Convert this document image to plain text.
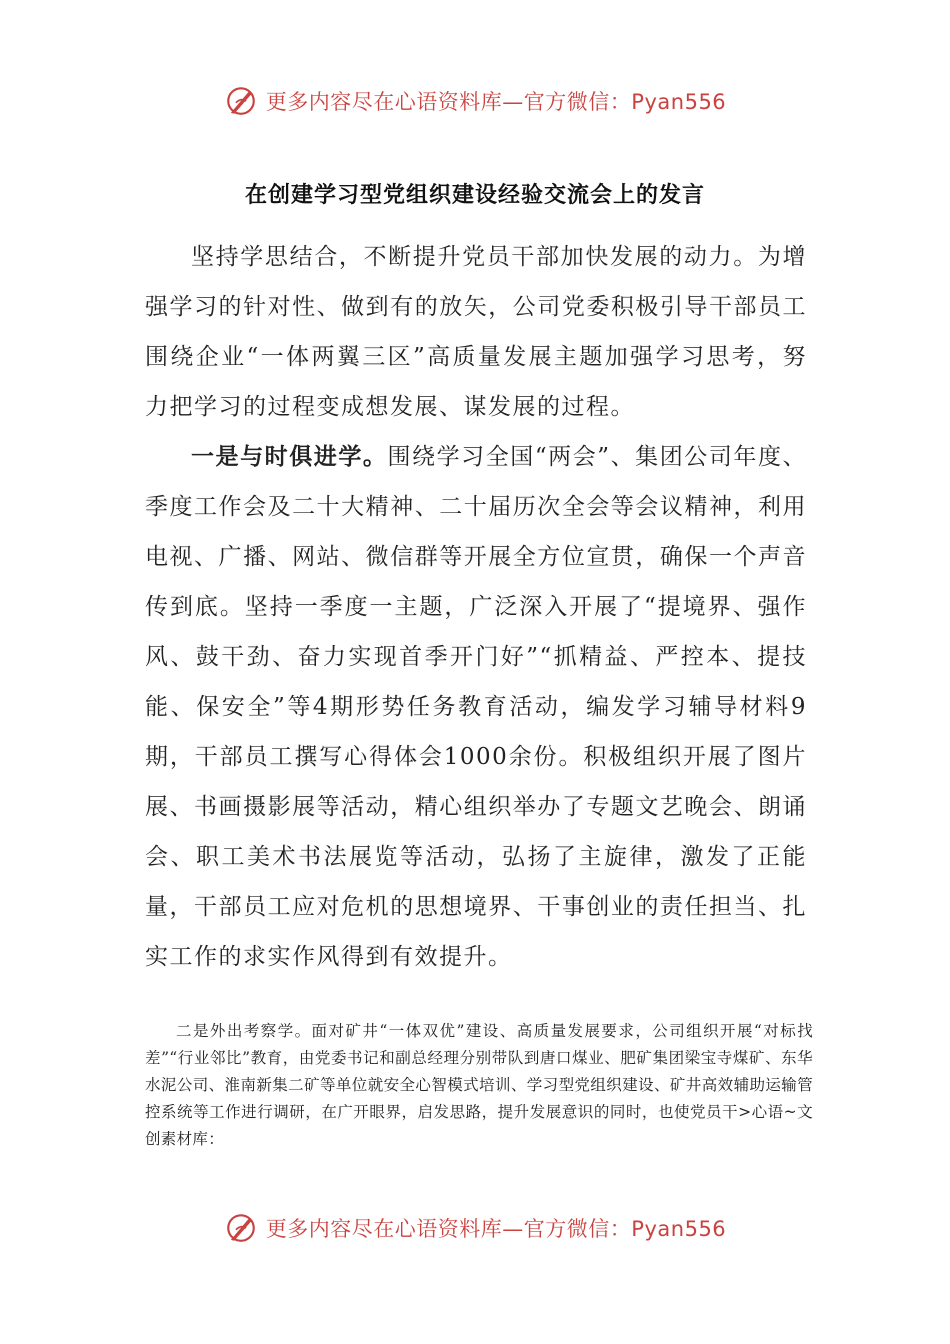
更多内容尽在心语资料库—官方微信：Pyan556
在创建学习型党组织建设经验交流会上的发言

坚持学思结合，不断提升党员干部加快发展的动力。为增强学习的针对性、做到有的放矢，公司党委积极引导干部员工围绕企业“一体两翼三区”高质量发展主题加强学习思考，努力把学习的过程变成想发展、谋发展的过程。

一是与时俱进学。围绕学习全国“两会”、集团公司年度、季度工作会及二十大精神、二十届历次全会等会议精神，利用电视、广播、网站、微信群等开展全方位宣贯，确保一个声音传到底。坚持一季度一主题，广泛深入开展了“提境界、强作风、鼓干劲、奋力实现首季开门好”“抓精益、严控本、提技能、保安全”等4期形势任务教育活动，编发学习辅导材料9期，干部员工撰写心得体会1000余份。积极组织开展了图片展、书画摄影展等活动，精心组织举办了专题文艺晚会、朗诵会、职工美术书法展览等活动，弘扬了主旋律，激发了正能量，干部员工应对危机的思想境界、干事创业的责任担当、扎实工作的求实作风得到有效提升。

二是外出考察学。面对矿井“一体双优”建设、高质量发展要求，公司组织开展“对标找差”“行业邻比”教育，由党委书记和副总经理分别带队到唐口煤业、肥矿集团梁宝寺煤矿、东华水泥公司、淮南新集二矿等单位就安全心智模式培训、学习型党组织建设、矿井高效辅助运输管控系统等工作进行调研，在广开眼界，启发思路，提升发展意识的同时，也使党员干>心语~文创素材库：

更多内容尽在心语资料库—官方微信：Pyan556
